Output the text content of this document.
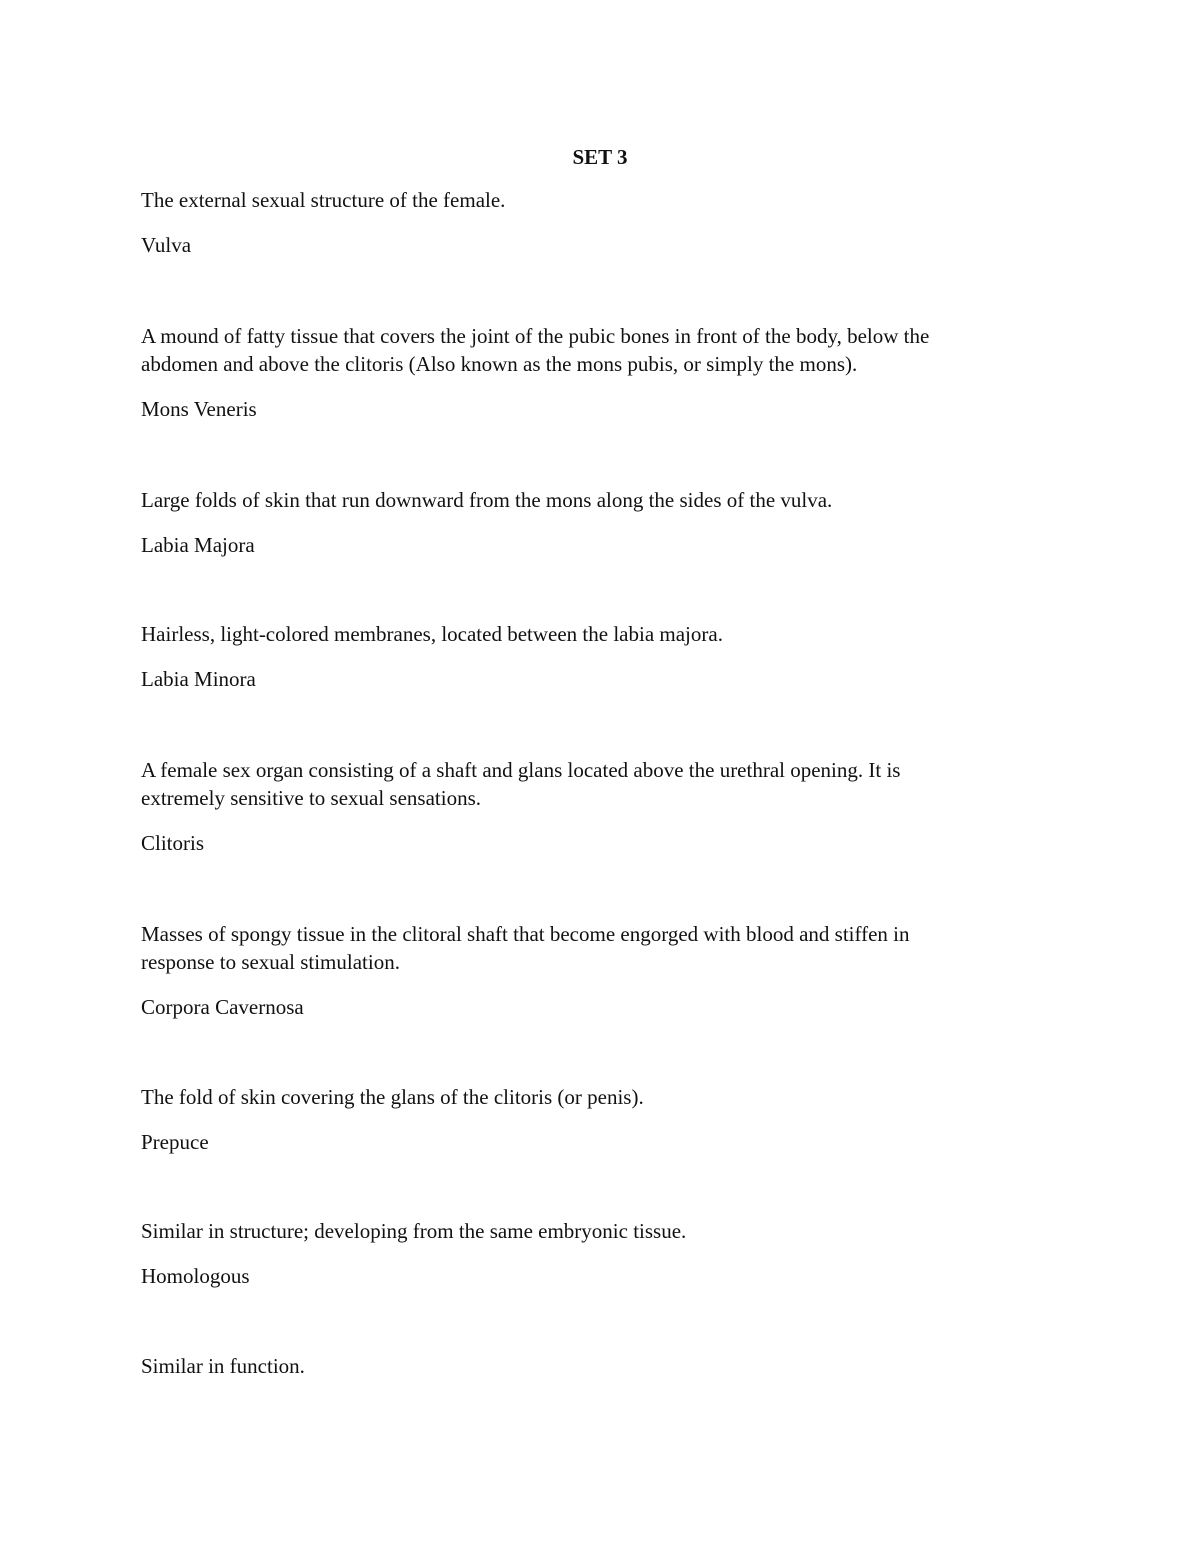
SET 3

The external sexual structure of the female.

Vulva

A mound of fatty tissue that covers the joint of the pubic bones in front of the body, below the

abdomen and above the clitoris (Also known as the mons pubis, or simply the mons).

Mons Veneris

Large folds of skin that run downward from the mons along the sides of the vulva.

Labia Majora

Hairless, light-colored membranes, located between the labia majora.

Labia Minora

A female sex organ consisting of a shaft and glans located above the urethral opening. It is

extremely sensitive to sexual sensations.

Clitoris

Masses of spongy tissue in the clitoral shaft that become engorged with blood and stiffen in

response to sexual stimulation.

Corpora Cavernosa

The fold of skin covering the glans of the clitoris (or penis).

Prepuce

Similar in structure; developing from the same embryonic tissue.

Homologous

Similar in function.
